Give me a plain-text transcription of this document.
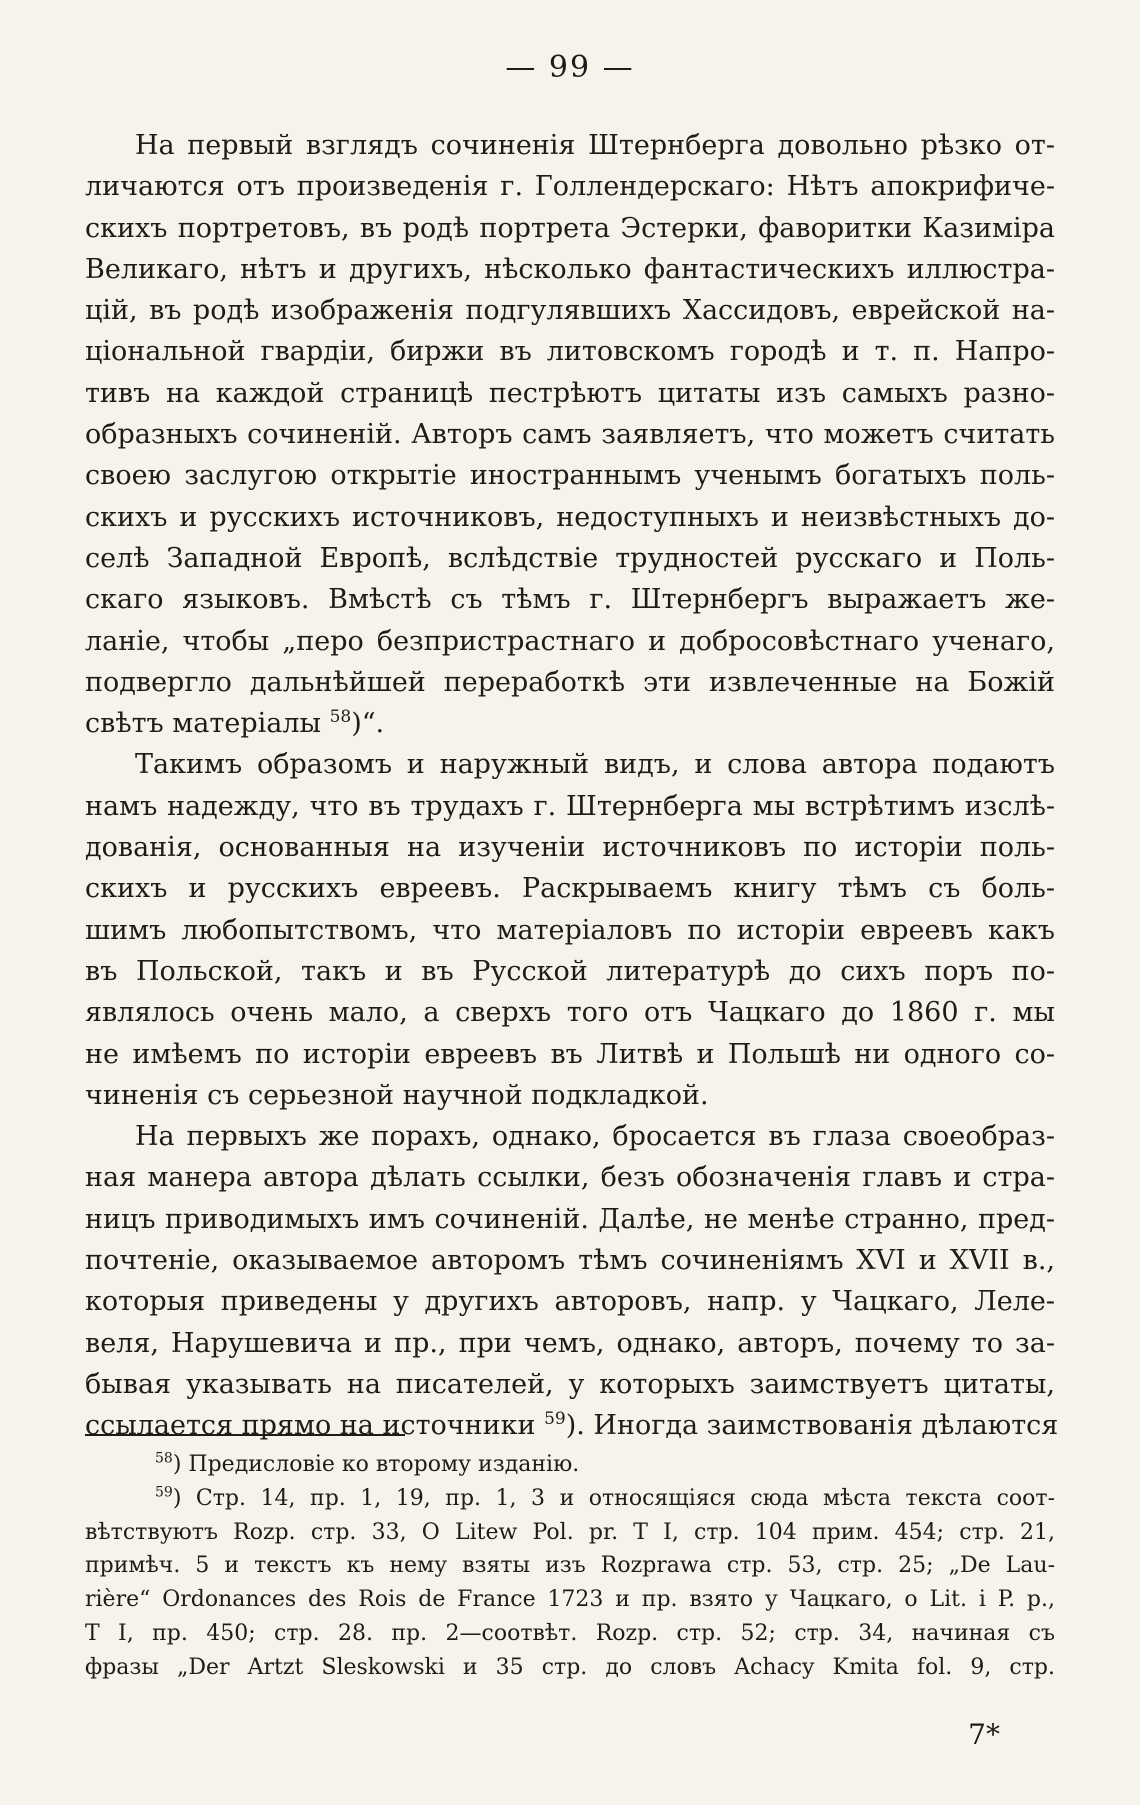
— 99 —

На первый взглядъ сочиненія Штернберга довольно рѣзко от-
личаются отъ произведенія г. Голлендерскаго: Нѣтъ апокрифиче-
скихъ портретовъ, въ родѣ портрета Эстерки, фаворитки Казиміра
Великаго, нѣтъ и другихъ, нѣсколько фантастическихъ иллюстра-
цій, въ родѣ изображенія подгулявшихъ Хассидовъ, еврейской на-
ціональной гвардіи, биржи въ литовскомъ городѣ и т. п. Напро-
тивъ на каждой страницѣ пестрѣютъ цитаты изъ самыхъ разно-
образныхъ сочиненій. Авторъ самъ заявляетъ, что можетъ считать
своею заслугою открытіе иностраннымъ ученымъ богатыхъ поль-
скихъ и русскихъ источниковъ, недоступныхъ и неизвѣстныхъ до-
селѣ Западной Европѣ, вслѣдствіе трудностей русскаго и Поль-
скаго языковъ. Вмѣстѣ съ тѣмъ г. Штернбергъ выражаетъ же-
ланіе, чтобы „перо безпристрастнаго и добросовѣстнаго ученаго,
подвергло дальнѣйшей переработкѣ эти извлеченные на Божій
свѣтъ матеріалы $^{58}$)“.

Такимъ образомъ и наружный видъ, и слова автора подаютъ
намъ надежду, что въ трудахъ г. Штернберга мы встрѣтимъ изслѣ-
дованія, основанныя на изученіи источниковъ по исторіи поль-
скихъ и русскихъ евреевъ. Раскрываемъ книгу тѣмъ съ боль-
шимъ любопытствомъ, что матеріаловъ по исторіи евреевъ какъ
въ Польской, такъ и въ Русской литературѣ до сихъ поръ по-
являлось очень мало, а сверхъ того отъ Чацкаго до 1860 г. мы
не имѣемъ по исторіи евреевъ въ Литвѣ и Польшѣ ни одного со-
чиненія съ серьезной научной подкладкой.

На первыхъ же порахъ, однако, бросается въ глаза своеобраз-
ная манера автора дѣлать ссылки, безъ обозначенія главъ и стра-
ницъ приводимыхъ имъ сочиненій. Далѣе, не менѣе странно, пред-
почтеніе, оказываемое авторомъ тѣмъ сочиненіямъ XVI и XVII в.,
которыя приведены у другихъ авторовъ, напр. у Чацкаго, Леле-
веля, Нарушевича и пр., при чемъ, однако, авторъ, почему то за-
бывая указывать на писателей, у которыхъ заимствуетъ цитаты,
ссылается прямо на источники $^{59}$). Иногда заимствованія дѣлаются

$^{58}$) Предисловіе ко второму изданію.
$^{59}$) Стр. 14, пр. 1, 19, пр. 1, 3 и относящіяся сюда мѣста текста соот-
вѣтствуютъ Rozp. стр. 33, O Litew Pol. pr. T I, стр. 104 прим. 454; стр. 21,
примѣч. 5 и текстъ къ нему взяты изъ Rozprawa стр. 53, стр. 25; „De Lau-
rière“ Ordonances des Rois de France 1723 и пр. взято у Чацкаго, o Lit. i P. p.,
T I, пр. 450; стр. 28. пр. 2—соотвѣт. Rozp. стр. 52; стр. 34, начиная съ
фразы „Der Artzt Sleskowski и 35 стр. до словъ Achacy Kmita fol. 9, стр.
7*
